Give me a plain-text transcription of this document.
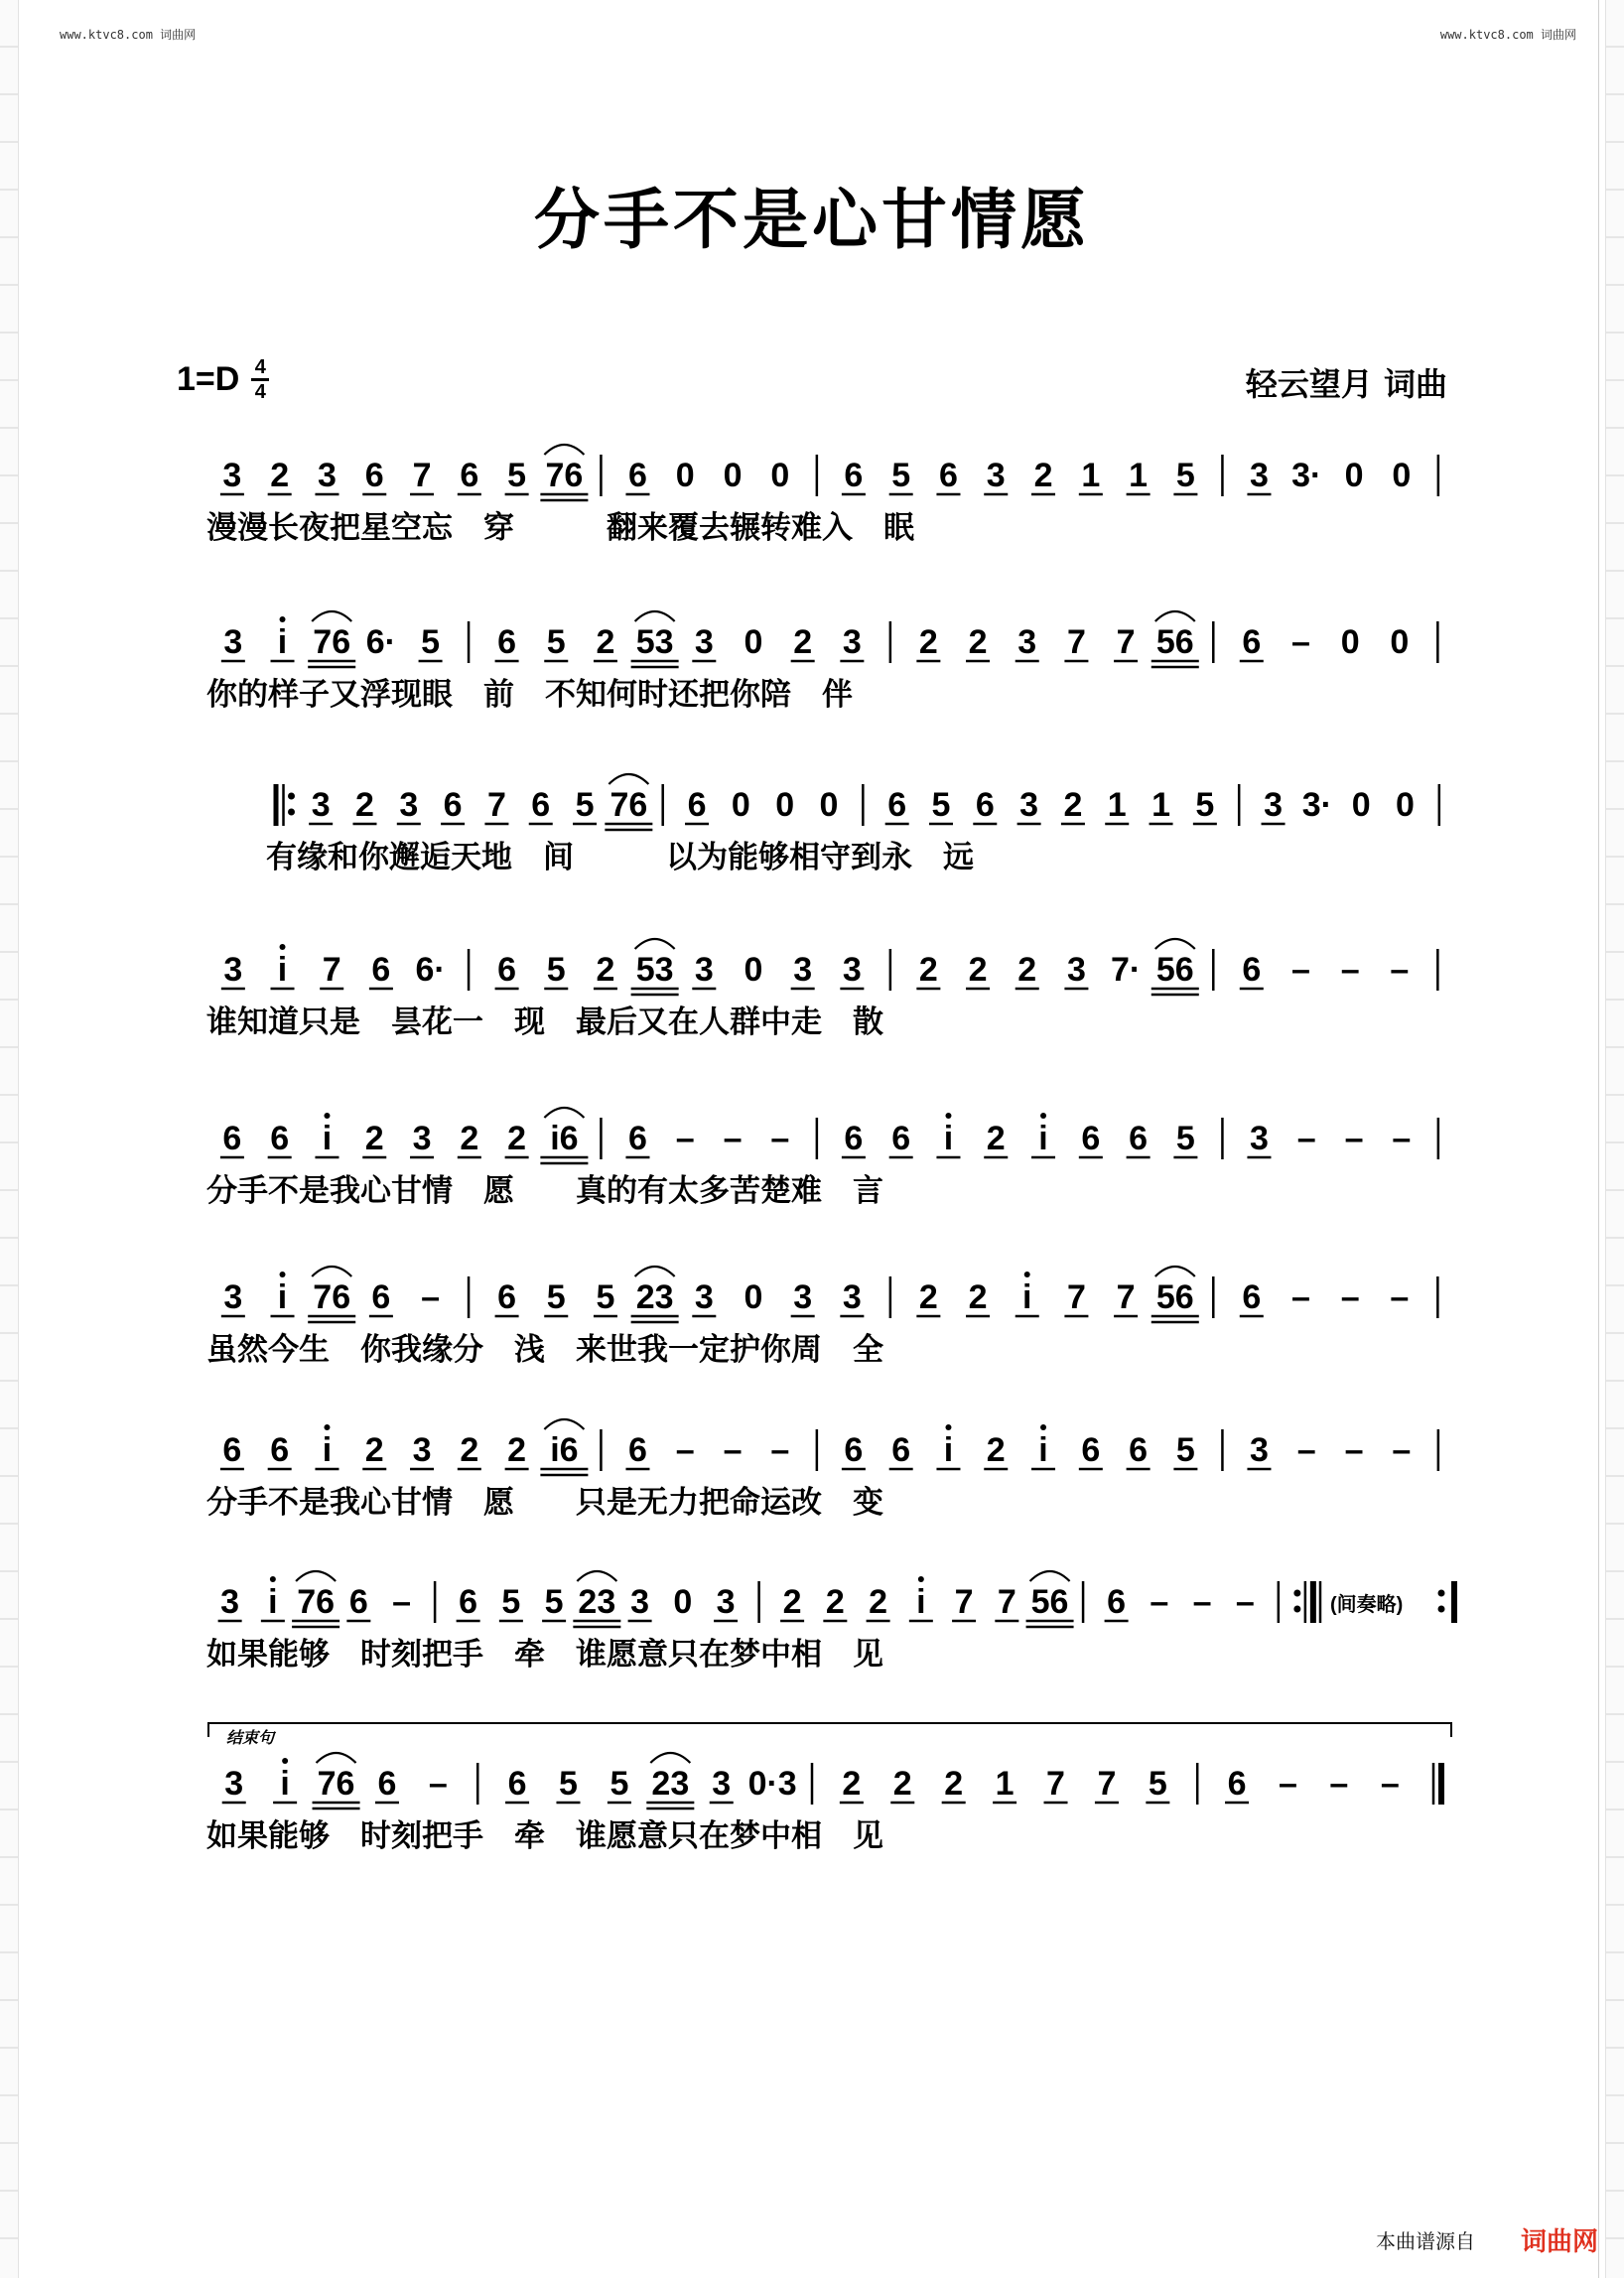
www.ktvc8.com 词曲网	www.ktvc8.com 词曲网
分手不是心甘情愿
1=D 4
4	轻云望月 词曲
3 2 3 6 7 6 5 76 6 0 0 0 6 5 6 3 2 1 1 5 3 3· 0 0
3 i 76 6· 5 6 5 2 53 3 0 2 3 2 2 3 7 7 56 6 – 0 0
3 2 3 6 7 6 5 76 6 0 0 0 6 5 6 3 2 1 1 5 3 3· 0 0
3 i 7 6 6· 6 5 2 53 3 0 3 3 2 2 2 3 7· 56 6 – – –
6 6 i 2 3 2 2 i6 6 – – – 6 6 i 2 i 6 6 5 3 – – –
3 i 76 6 – 6 5 5 23 3 0 3 3 2 2 i 7 7 56 6 – – –
6 6 i 2 3 2 2 i6 6 – – – 6 6 i 2 i 6 6 5 3 – – –
3 i 76 6 – 6 5 5 23 3 0 3 2 2 2 i 7 7 56 6 – – –
3 i 76 6 – 6 5 5 23 3 0·3 2 2 2 1 7 7 5 6 – – –
漫漫长夜把星空忘　穿　　　翻来覆去辗转难入　眠
你的样子又浮现眼　前　不知何时还把你陪　伴
有缘和你邂逅天地　间　　　以为能够相守到永　远
谁知道只是　昙花一　现　最后又在人群中走　散
分手不是我心甘情　愿　　真的有太多苦楚难　言
虽然今生　你我缘分　浅　来世我一定护你周　全
分手不是我心甘情　愿　　只是无力把命运改　变
如果能够　时刻把手　牵　谁愿意只在梦中相　见
如果能够　时刻把手　牵　谁愿意只在梦中相　见
(间奏略)
结束句
本曲谱源自 词曲网
